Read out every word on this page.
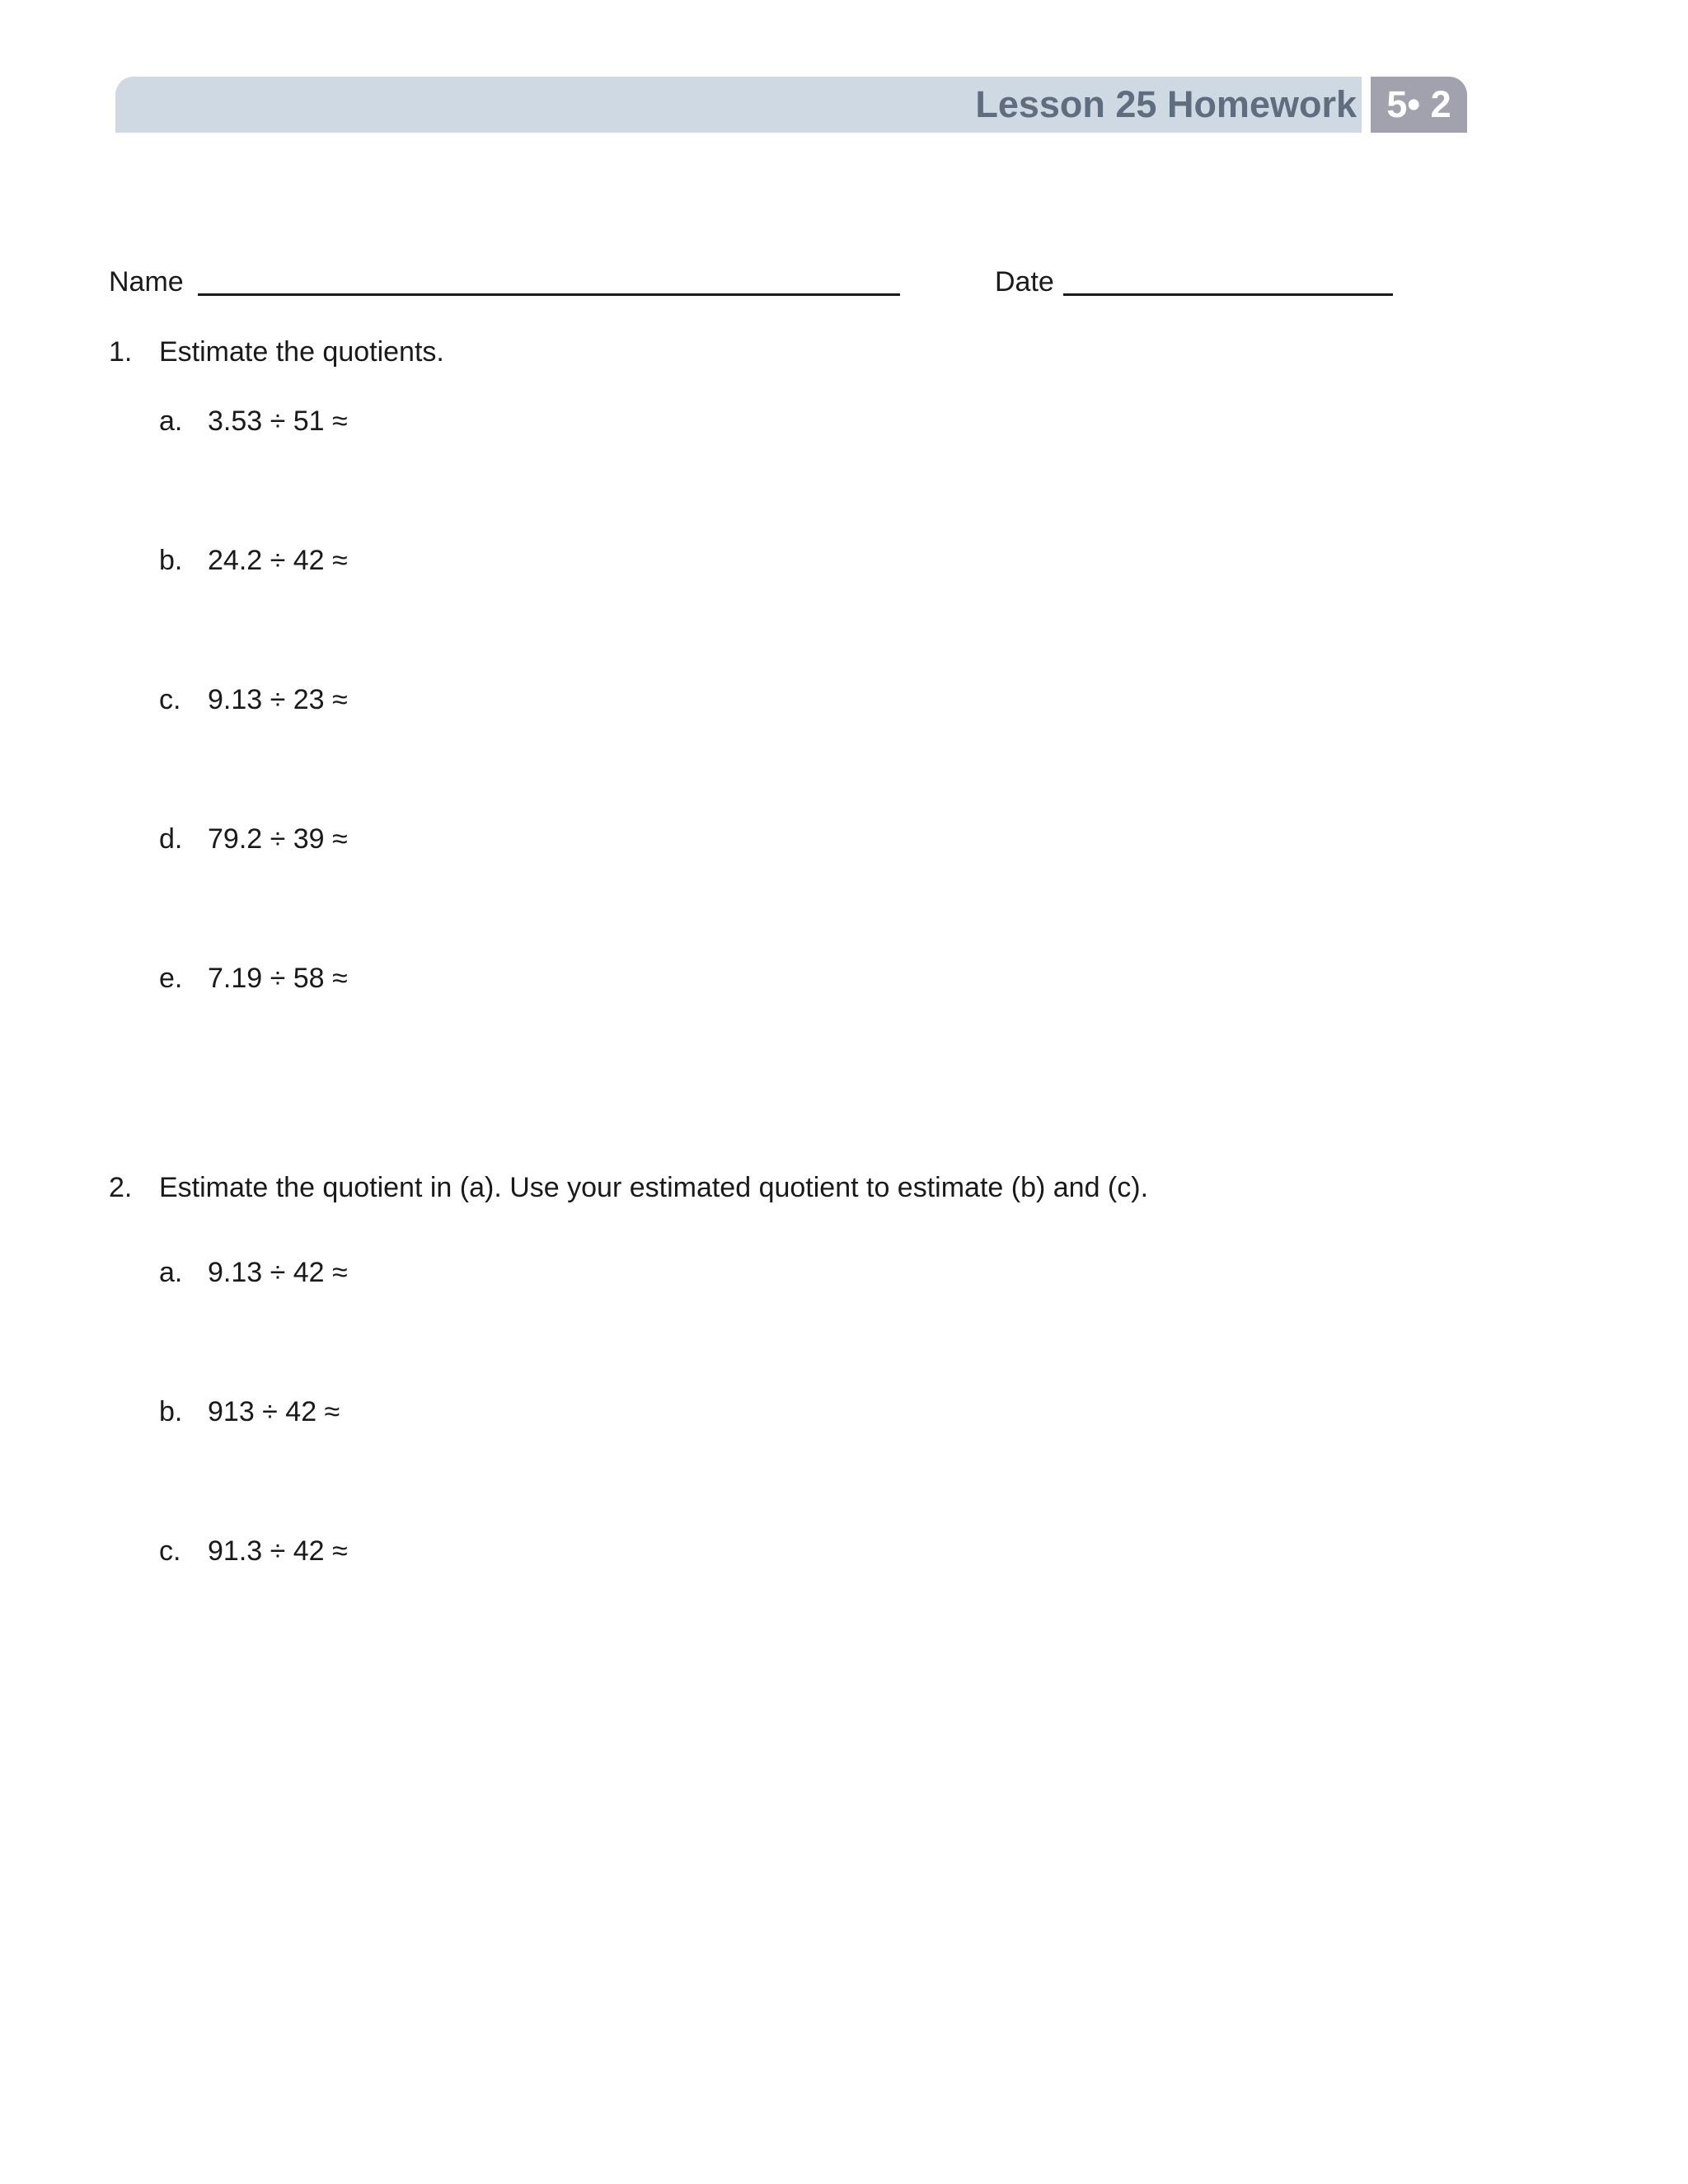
Lesson 25 Homework 5• 2
Name	Date
1. Estimate the quotients.
a. 3.53 ÷ 51 ≈
b. 24.2 ÷ 42 ≈
c. 9.13 ÷ 23 ≈
d. 79.2 ÷ 39 ≈
e. 7.19 ÷ 58 ≈
2. Estimate the quotient in (a). Use your estimated quotient to estimate (b) and (c).
a. 9.13 ÷ 42 ≈
b. 913 ÷ 42 ≈
c. 91.3 ÷ 42 ≈
